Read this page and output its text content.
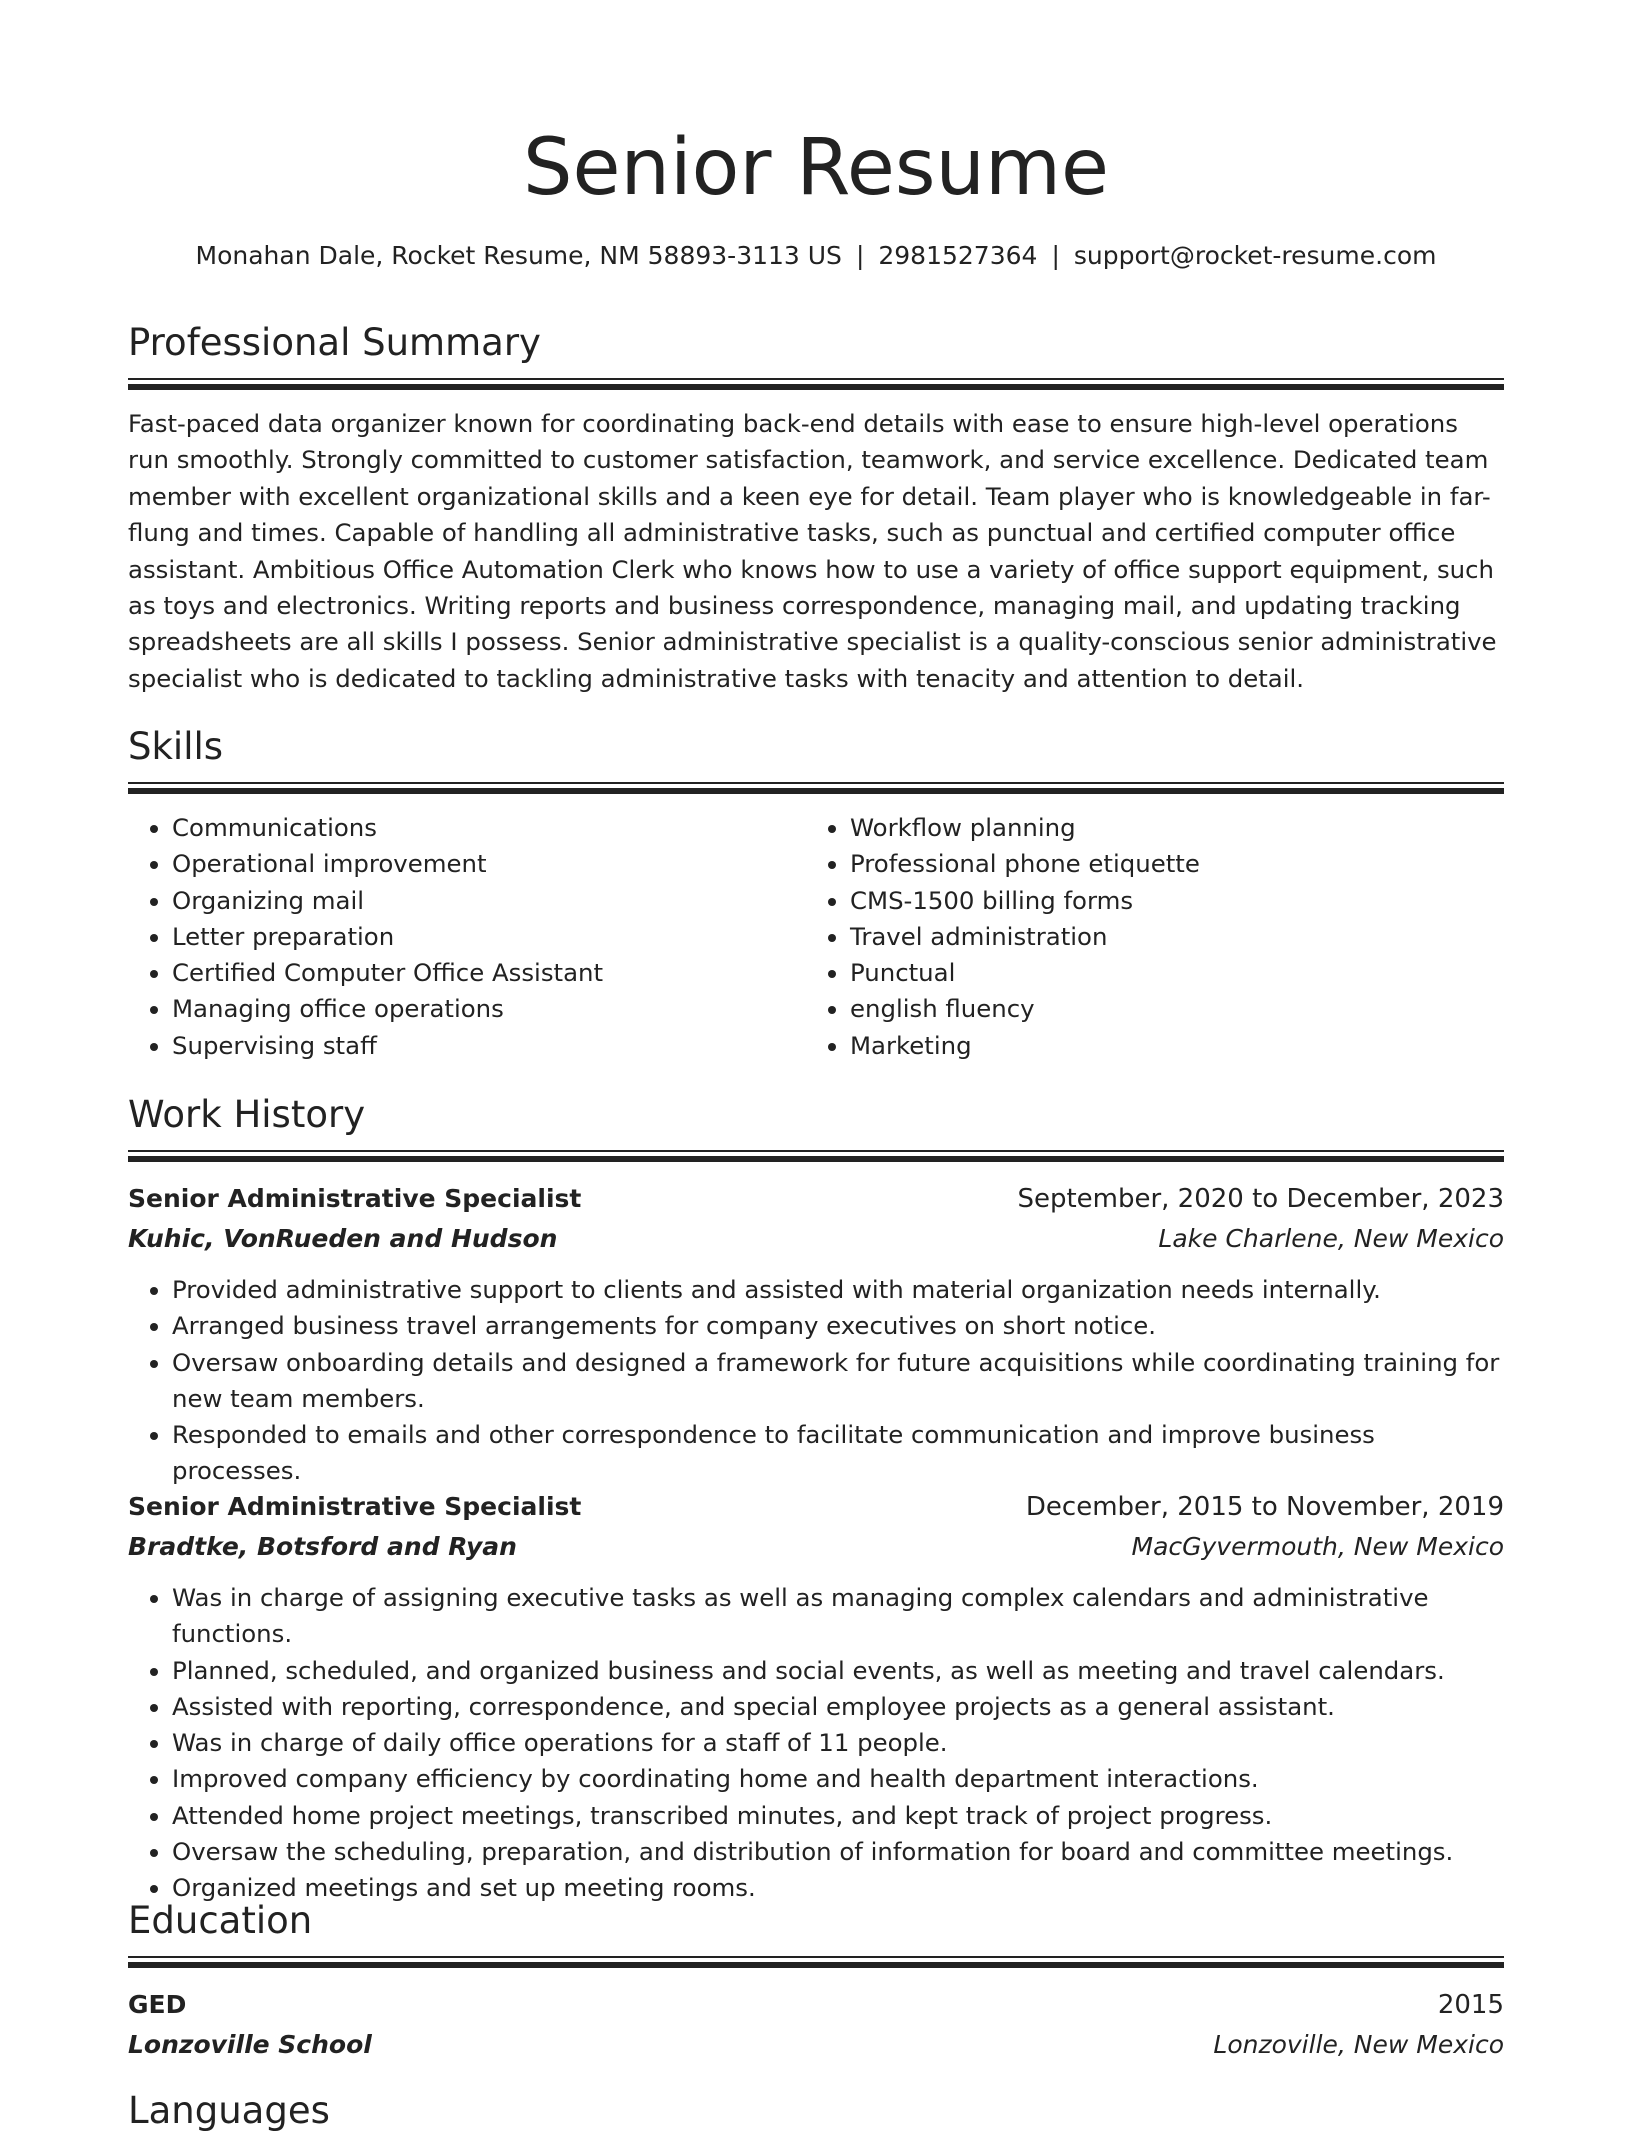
Senior Resume
Monahan Dale, Rocket Resume, NM 58893-3113 US | 2981527364 | support@rocket-resume.com
Professional Summary

Fast-paced data organizer known for coordinating back-end details with ease to ensure high-level operations run smoothly. Strongly committed to customer satisfaction, teamwork, and service excellence. Dedicated team member with excellent organizational skills and a keen eye for detail. Team player who is knowledgeable in far-flung and times. Capable of handling all administrative tasks, such as punctual and certified computer office assistant. Ambitious Office Automation Clerk who knows how to use a variety of office support equipment, such as toys and electronics. Writing reports and business correspondence, managing mail, and updating tracking spreadsheets are all skills I possess. Senior administrative specialist is a quality-conscious senior administrative specialist who is dedicated to tackling administrative tasks with tenacity and attention to detail.

Skills
• Communications
• Operational improvement
• Organizing mail
• Letter preparation
• Certified Computer Office Assistant
• Managing office operations
• Supervising staff
• Workflow planning
• Professional phone etiquette
• CMS-1500 billing forms
• Travel administration
• Punctual
• english fluency
• Marketing
Work History
Senior Administrative Specialist	September, 2020 to December, 2023
Kuhic, VonRueden and Hudson	Lake Charlene, New Mexico
• Provided administrative support to clients and assisted with material organization needs internally.
• Arranged business travel arrangements for company executives on short notice.
• Oversaw onboarding details and designed a framework for future acquisitions while coordinating training for new team members.
• Responded to emails and other correspondence to facilitate communication and improve business processes.
Senior Administrative Specialist	December, 2015 to November, 2019
Bradtke, Botsford and Ryan	MacGyvermouth, New Mexico
• Was in charge of assigning executive tasks as well as managing complex calendars and administrative functions.
• Planned, scheduled, and organized business and social events, as well as meeting and travel calendars.
• Assisted with reporting, correspondence, and special employee projects as a general assistant.
• Was in charge of daily office operations for a staff of 11 people.
• Improved company efficiency by coordinating home and health department interactions.
• Attended home project meetings, transcribed minutes, and kept track of project progress.
• Oversaw the scheduling, preparation, and distribution of information for board and committee meetings.
• Organized meetings and set up meeting rooms.
Education
GED	2015
Lonzoville School	Lonzoville, New Mexico
Languages
